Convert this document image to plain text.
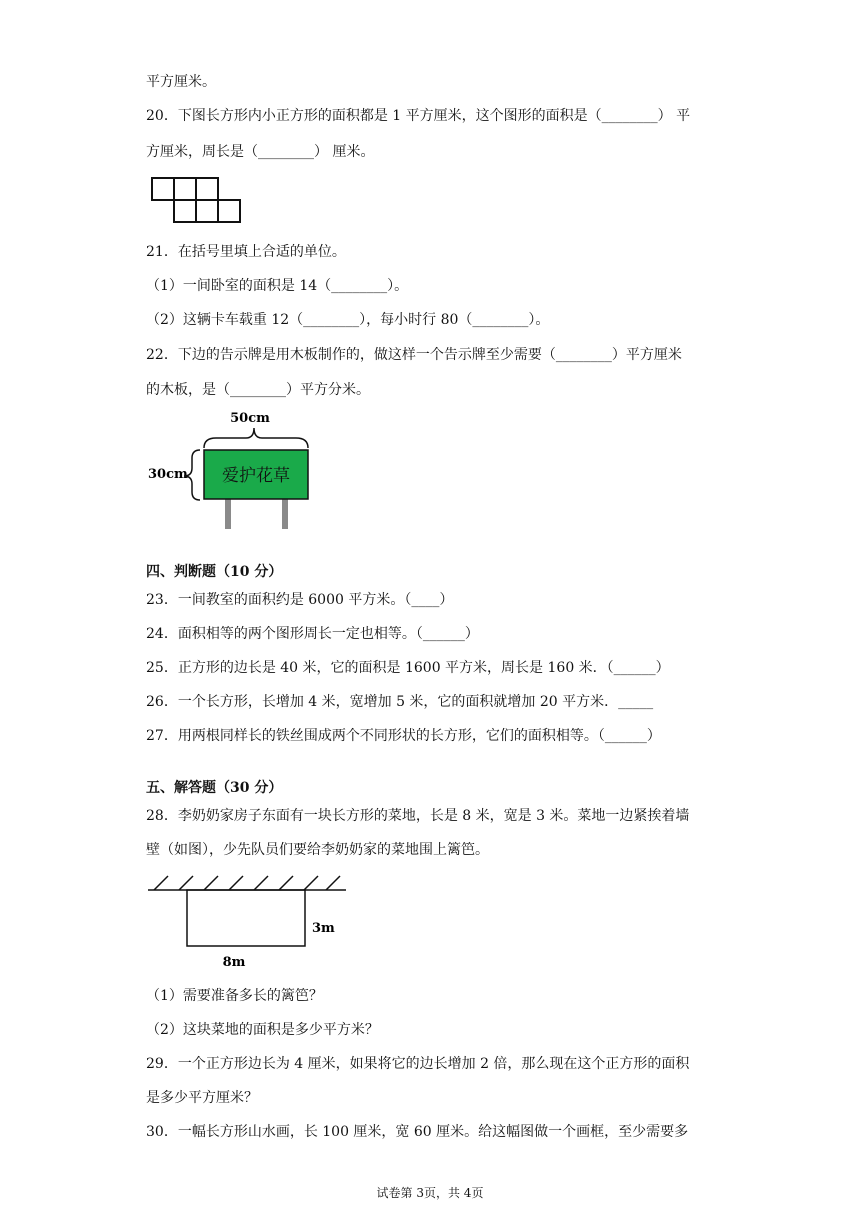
平方厘米。
20．下图长方形内小正方形的面积都是 1 平方厘米，这个图形的面积是（________） 平
方厘米，周长是（________） 厘米。
21．在括号里填上合适的单位。
（1）一间卧室的面积是 14（________）。
（2）这辆卡车载重 12（________），每小时行 80（________）。
22．下边的告示牌是用木板制作的，做这样一个告示牌至少需要（________）平方厘米
的木板，是（________）平方分米。
50cm
30cm 爱护花草
四、判断题（10 分）
23．一间教室的面积约是 6000 平方米。（____）
24．面积相等的两个图形周长一定也相等。（______）
25．正方形的边长是 40 米，它的面积是 1600 平方米，周长是 160 米．（______）
26．一个长方形，长增加 4 米，宽增加 5 米，它的面积就增加 20 平方米．_____
27．用两根同样长的铁丝围成两个不同形状的长方形，它们的面积相等。（______）
五、解答题（30 分）
28．李奶奶家房子东面有一块长方形的菜地，长是 8 米，宽是 3 米。菜地一边紧挨着墙
壁（如图），少先队员们要给李奶奶家的菜地围上篱笆。
3m
8m
（1）需要准备多长的篱笆？
（2）这块菜地的面积是多少平方米？
29．一个正方形边长为 4 厘米，如果将它的边长增加 2 倍，那么现在这个正方形的面积
是多少平方厘米？
30．一幅长方形山水画，长 100 厘米，宽 60 厘米。给这幅图做一个画框，至少需要多
试卷第 3页，共 4页
